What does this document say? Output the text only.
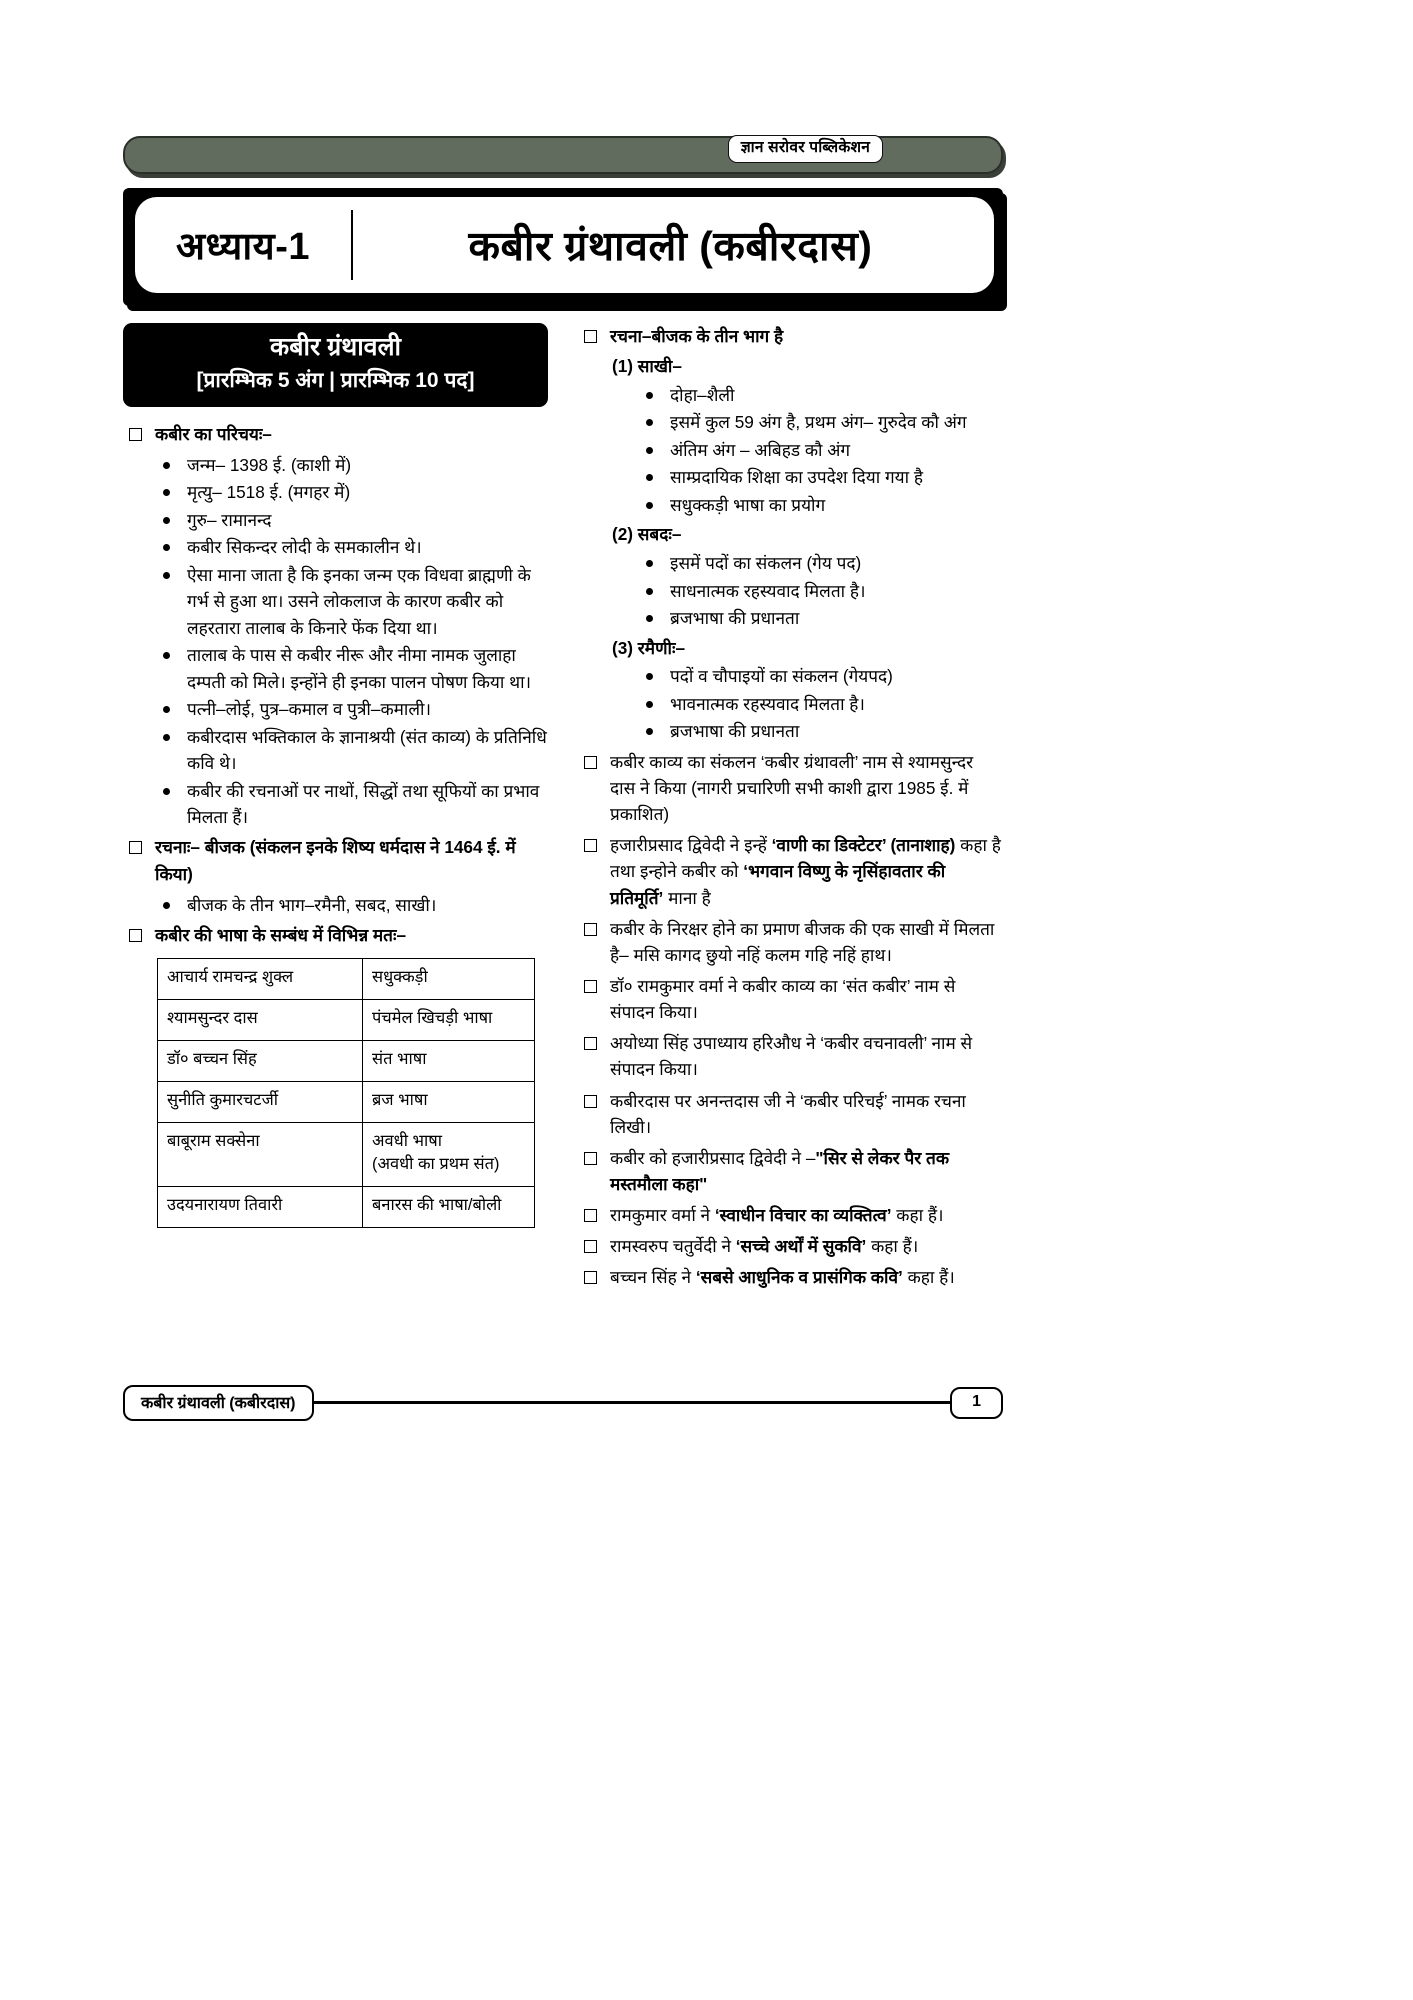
ज्ञान सरोवर पब्लिकेशन
अध्याय-1	कबीर ग्रंथावली (कबीरदास)
कबीर ग्रंथावली
[प्रारम्भिक 5 अंग | प्रारम्भिक 10 पद]
कबीर का परिचयः–
जन्म– 1398 ई. (काशी में)
मृत्यु– 1518 ई. (मगहर में)
गुरु– रामानन्द
कबीर सिकन्दर लोदी के समकालीन थे।
ऐसा माना जाता है कि इनका जन्म एक विधवा ब्राह्मणी के गर्भ से हुआ था। उसने लोकलाज के कारण कबीर को लहरतारा तालाब के किनारे फेंक दिया था।
तालाब के पास से कबीर नीरू और नीमा नामक जुलाहा दम्पती को मिले। इन्होंने ही इनका पालन पोषण किया था।
पत्नी–लोई, पुत्र–कमाल व पुत्री–कमाली।
कबीरदास भक्तिकाल के ज्ञानाश्रयी (संत काव्य) के प्रतिनिधि कवि थे।
कबीर की रचनाओं पर नाथों, सिद्धों तथा सूफियों का प्रभाव मिलता हैं।
रचनाः– बीजक (संकलन इनके शिष्य धर्मदास ने 1464 ई. में किया)
बीजक के तीन भाग–रमैनी, सबद, साखी।
कबीर की भाषा के सम्बंध में विभिन्न मतः–
आचार्य रामचन्द्र शुक्ल	सधुक्कड़ी
श्यामसुन्दर दास	पंचमेल खिचड़ी भाषा
डॉ० बच्चन सिंह	संत भाषा
सुनीति कुमारचटर्जी	ब्रज भाषा
बाबूराम सक्सेना	अवधी भाषा
(अवधी का प्रथम संत)
उदयनारायण तिवारी	बनारस की भाषा/बोली
रचना–बीजक के तीन भाग है
(1) साखी–
दोहा–शैली
इसमें कुल 59 अंग है, प्रथम अंग– गुरुदेव कौ अंग
अंतिम अंग – अबिहड कौ अंग
साम्प्रदायिक शिक्षा का उपदेश दिया गया है
सधुक्कड़ी भाषा का प्रयोग
(2) सबदः–
इसमें पदों का संकलन (गेय पद)
साधनात्मक रहस्यवाद मिलता है।
ब्रजभाषा की प्रधानता
(3) रमैणीः–
पदों व चौपाइयों का संकलन (गेयपद)
भावनात्मक रहस्यवाद मिलता है।
ब्रजभाषा की प्रधानता
कबीर काव्य का संकलन ‘कबीर ग्रंथावली’ नाम से श्यामसुन्दर दास ने किया (नागरी प्रचारिणी सभी काशी द्वारा 1985 ई. में प्रकाशित)
हजारीप्रसाद द्विवेदी ने इन्हें ‘वाणी का डिक्टेटर’ (तानाशाह) कहा है तथा इन्होने कबीर को ‘भगवान विष्णु के नृसिंहावतार की प्रतिमूर्ति’ माना है
कबीर के निरक्षर होने का प्रमाण बीजक की एक साखी में मिलता है– मसि कागद छुयो नहिं कलम गहि नहिं हाथ।
डॉ० रामकुमार वर्मा ने कबीर काव्य का ‘संत कबीर’ नाम से संपादन किया।
अयोध्या सिंह उपाध्याय हरिऔध ने ‘कबीर वचनावली’ नाम से संपादन किया।
कबीरदास पर अनन्तदास जी ने ‘कबीर परिचई’ नामक रचना लिखी।
कबीर को हजारीप्रसाद द्विवेदी ने –"सिर से लेकर पैर तक मस्तमौला कहा"
रामकुमार वर्मा ने ‘स्वाधीन विचार का व्यक्तित्व’ कहा हैं।
रामस्वरुप चतुर्वेदी ने ‘सच्चे अर्थों में सुकवि’ कहा हैं।
बच्चन सिंह ने ‘सबसे आधुनिक व प्रासंगिक कवि’ कहा हैं।
कबीर ग्रंथावली (कबीरदास)	1
